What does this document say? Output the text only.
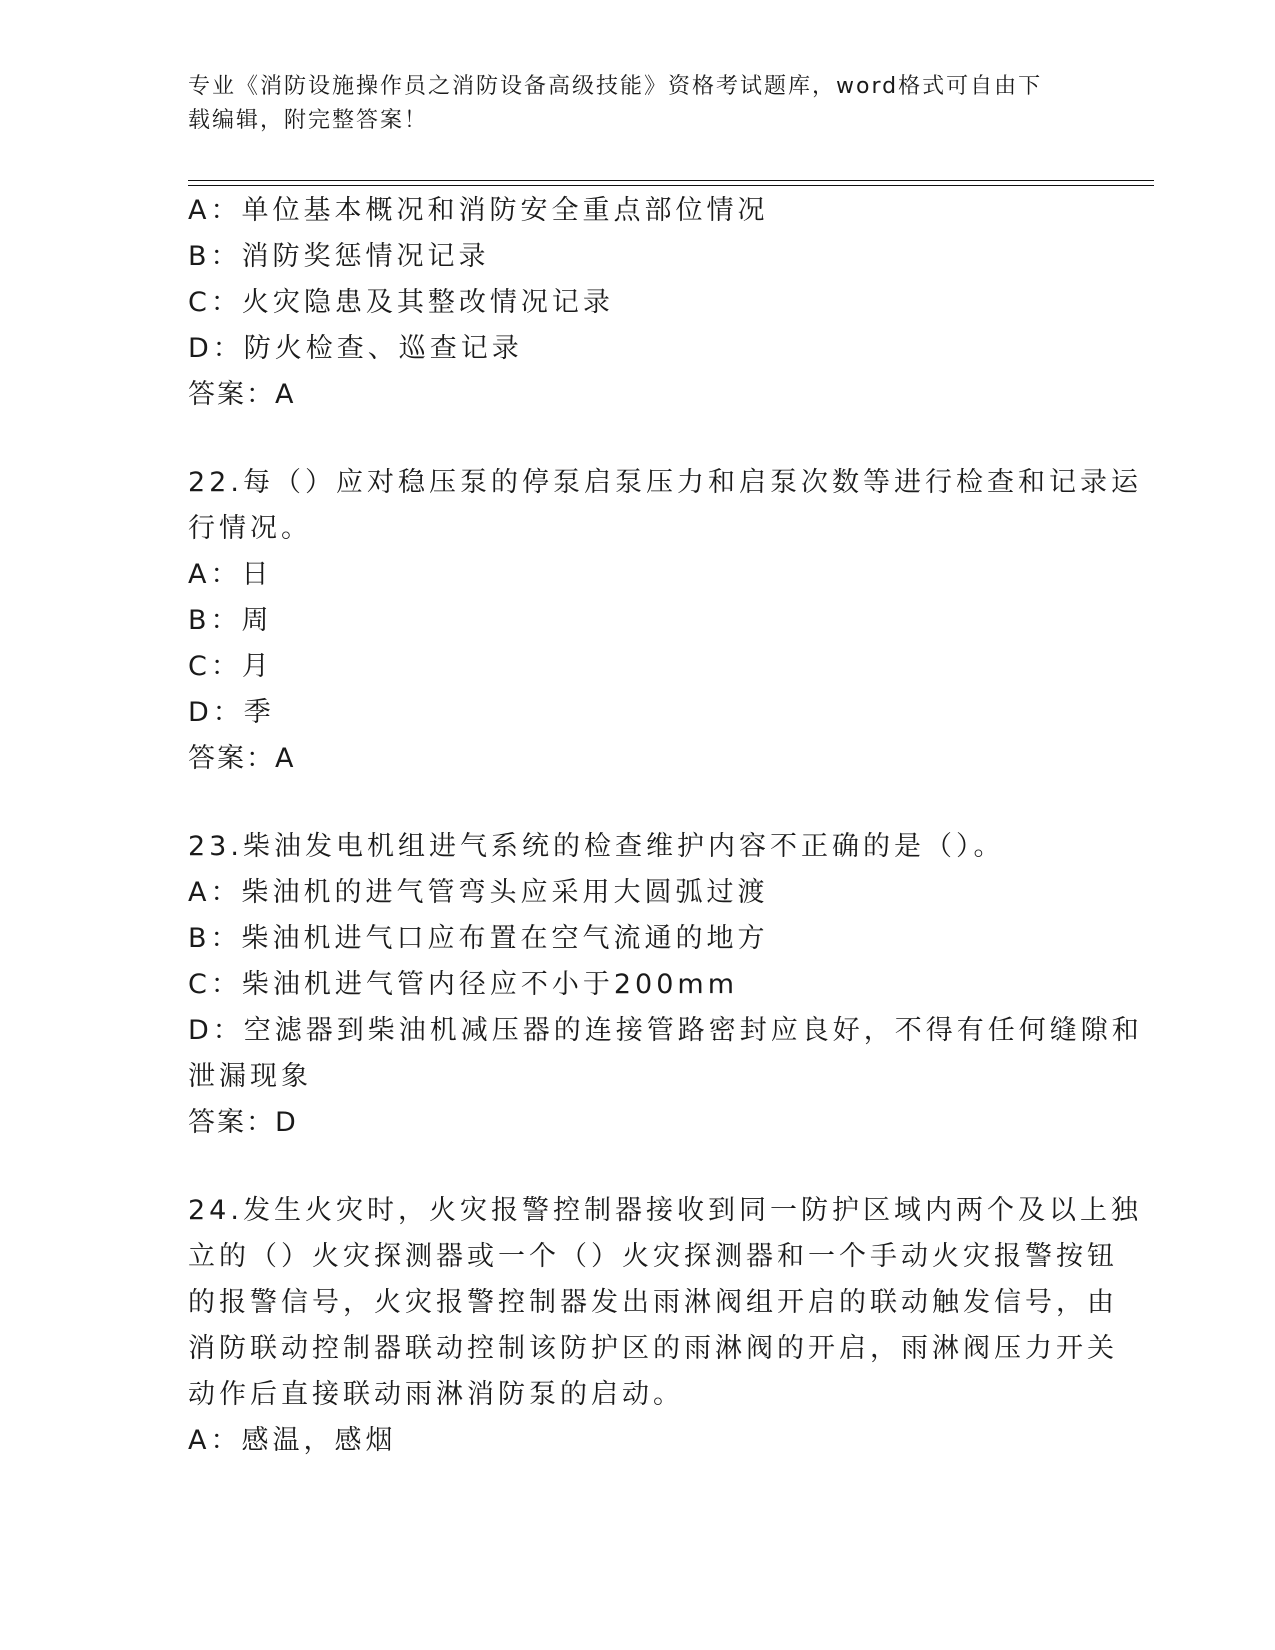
专业《消防设施操作员之消防设备高级技能》资格考试题库，word格式可自由下
载编辑，附完整答案！
A：单位基本概况和消防安全重点部位情况
B：消防奖惩情况记录
C：火灾隐患及其整改情况记录
D：防火检查、巡查记录
答案：A
22.每（）应对稳压泵的停泵启泵压力和启泵次数等进行检查和记录运
行情况。
A：日
B：周
C：月
D：季
答案：A
23.柴油发电机组进气系统的检查维护内容不正确的是（）。
A：柴油机的进气管弯头应采用大圆弧过渡
B：柴油机进气口应布置在空气流通的地方
C：柴油机进气管内径应不小于200mm
D：空滤器到柴油机减压器的连接管路密封应良好，不得有任何缝隙和
泄漏现象
答案：D
24.发生火灾时，火灾报警控制器接收到同一防护区域内两个及以上独
立的（）火灾探测器或一个（）火灾探测器和一个手动火灾报警按钮
的报警信号，火灾报警控制器发出雨淋阀组开启的联动触发信号，由
消防联动控制器联动控制该防护区的雨淋阀的开启，雨淋阀压力开关
动作后直接联动雨淋消防泵的启动。
A：感温，感烟
